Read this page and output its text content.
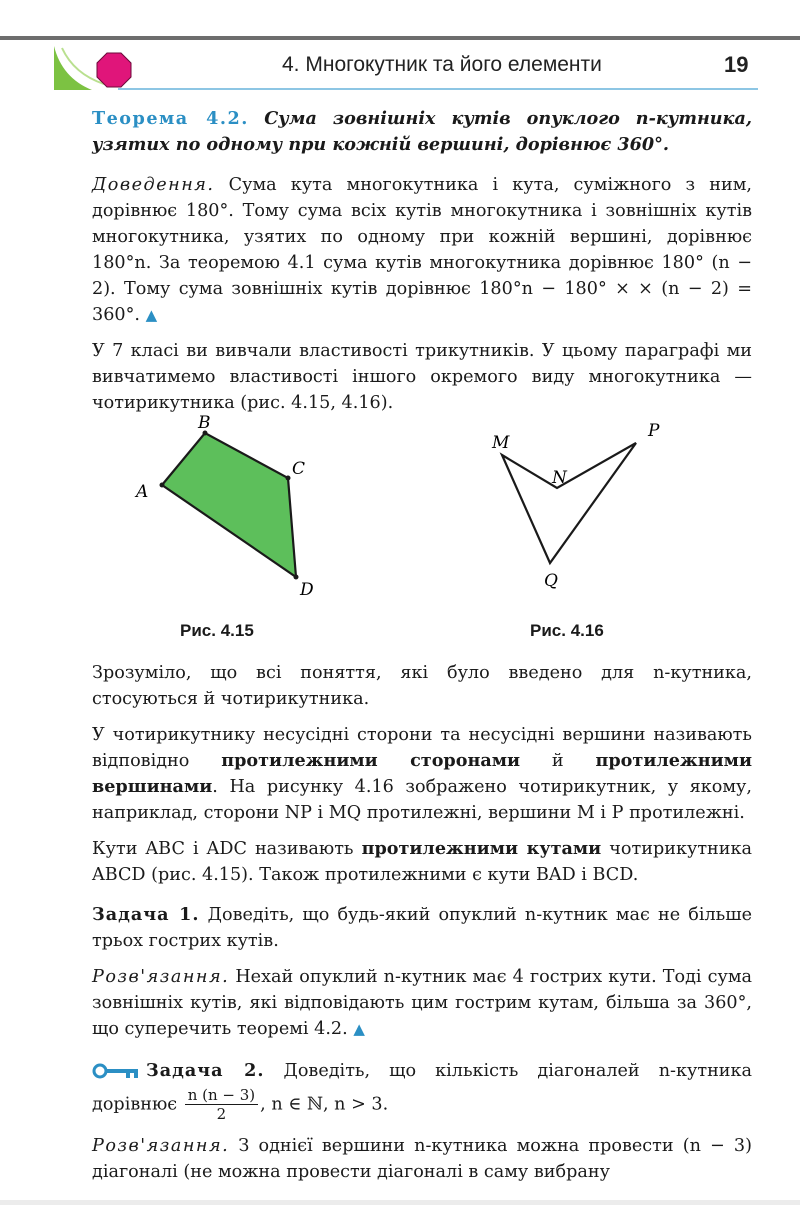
4. Многокутник та його елементи	19

Теорема 4.2. Сума зовнішніх кутів опуклого n-кутника, узятих по одному при кожній вершині, дорівнює 360°.

Доведення. Сума кута многокутника і кута, суміжного з ним, дорівнює 180°. Тому сума всіх кутів многокутника і зовнішніх кутів многокутника, узятих по одному при кожній вершині, дорівнює 180°n. За теоремою 4.1 сума кутів многокутника дорівнює 180° (n − 2). Тому сума зовнішніх кутів дорівнює 180°n − 180° × × (n − 2) = 360°. ▲

У 7 класі ви вивчали властивості трикутників. У цьому параграфі ми вивчатимемо властивості іншого окремого виду многокутника — чотирикутника (рис. 4.15, 4.16).

A
B
C
D
M
N
P
Q
Рис. 4.15	Рис. 4.16

Зрозуміло, що всі поняття, які було введено для n-кутника, стосуються й чотирикутника.

У чотирикутнику несусідні сторони та несусідні вершини називають відповідно протилежними сторонами й протилежними вершинами. На рисунку 4.16 зображено чотирикутник, у якому, наприклад, сторони NP і MQ протилежні, вершини M і P протилежні.

Кути ABC і ADC називають протилежними кутами чотирикутника ABCD (рис. 4.15). Також протилежними є кути BAD і BCD.

Задача 1. Доведіть, що будь-який опуклий n-кутник має не більше трьох гострих кутів.

Розв'язання. Нехай опуклий n-кутник має 4 гострих кути. Тоді сума зовнішніх кутів, які відповідають цим гострим кутам, більша за 360°, що суперечить теоремі 4.2. ▲

Задача 2. Доведіть, що кількість діагоналей n-кутника дорівнює $\frac{n (n - 3)}{2}$ , n ∈ ℕ, n > 3.

Розв'язання. З однієї вершини n-кутника можна провести (n − 3) діагоналі (не можна провести діагоналі в саму вибрану
